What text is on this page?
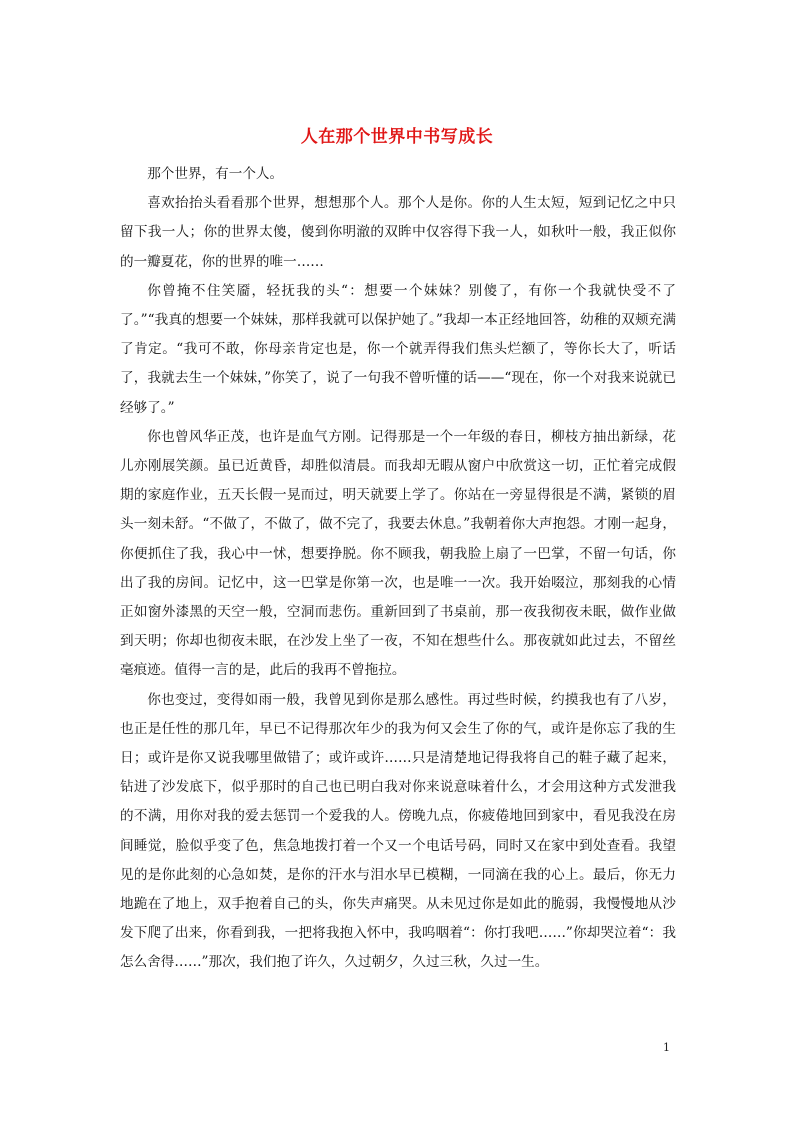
人在那个世界中书写成长

那个世界，有一个人。

喜欢抬抬头看看那个世界，想想那个人。那个人是你。你的人生太短，短到记忆之中只留下我一人；你的世界太傻，傻到你明澈的双眸中仅容得下我一人，如秋叶一般，我正似你的一瓣夏花，你的世界的唯一……

你曾掩不住笑靥，轻抚我的头“：想要一个妹妹？别傻了，有你一个我就快受不了了。”“我真的想要一个妹妹，那样我就可以保护她了。”我却一本正经地回答，幼稚的双颊充满了肯定。“我可不敢，你母亲肯定也是，你一个就弄得我们焦头烂额了，等你长大了，听话了，我就去生一个妹妹，”你笑了，说了一句我不曾听懂的话——“现在，你一个对我来说就已经够了。”

你也曾风华正茂，也许是血气方刚。记得那是一个一年级的春日，柳枝方抽出新绿，花儿亦刚展笑颜。虽已近黄昏，却胜似清晨。而我却无暇从窗户中欣赏这一切，正忙着完成假期的家庭作业，五天长假一晃而过，明天就要上学了。你站在一旁显得很是不满，紧锁的眉头一刻未舒。“不做了，不做了，做不完了，我要去休息。”我朝着你大声抱怨。才刚一起身，你便抓住了我，我心中一怵，想要挣脱。你不顾我，朝我脸上扇了一巴掌，不留一句话，你出了我的房间。记忆中，这一巴掌是你第一次，也是唯一一次。我开始啜泣，那刻我的心情正如窗外漆黑的天空一般，空洞而悲伤。重新回到了书桌前，那一夜我彻夜未眠，做作业做到天明；你却也彻夜未眠，在沙发上坐了一夜，不知在想些什么。那夜就如此过去，不留丝毫痕迹。值得一言的是，此后的我再不曾拖拉。

你也变过，变得如雨一般，我曾见到你是那么感性。再过些时候，约摸我也有了八岁，也正是任性的那几年，早已不记得那次年少的我为何又会生了你的气，或许是你忘了我的生日；或许是你又说我哪里做错了；或许或许……只是清楚地记得我将自己的鞋子藏了起来，钻进了沙发底下，似乎那时的自己也已明白我对你来说意味着什么，才会用这种方式发泄我的不满，用你对我的爱去惩罚一个爱我的人。傍晚九点，你疲倦地回到家中，看见我没在房间睡觉，脸似乎变了色，焦急地拨打着一个又一个电话号码，同时又在家中到处查看。我望见的是你此刻的心急如焚，是你的汗水与泪水早已模糊，一同滴在我的心上。最后，你无力地跪在了地上，双手抱着自己的头，你失声痛哭。从未见过你是如此的脆弱，我慢慢地从沙发下爬了出来，你看到我，一把将我抱入怀中，我呜咽着“：你打我吧……”你却哭泣着“：我怎么舍得……”那次，我们抱了许久，久过朝夕，久过三秋，久过一生。

1
